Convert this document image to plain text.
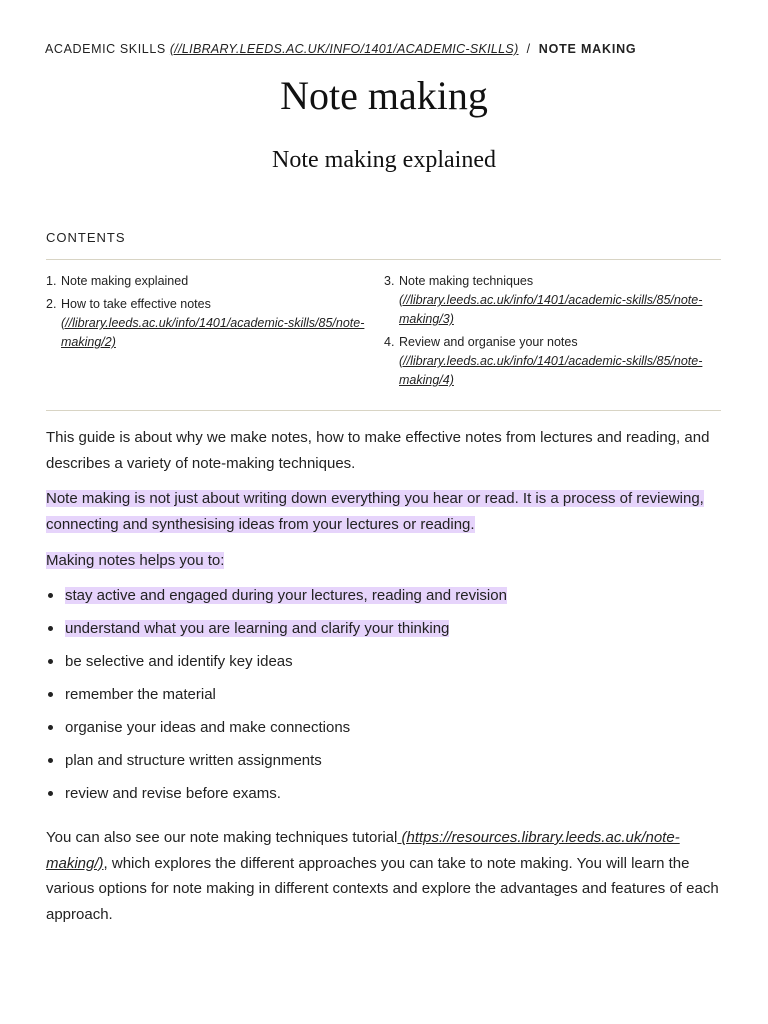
ACADEMIC SKILLS (//LIBRARY.LEEDS.AC.UK/INFO/1401/ACADEMIC-SKILLS) / NOTE MAKING
Note making
Note making explained
CONTENTS
1. Note making explained
2. How to take effective notes
(//library.leeds.ac.uk/info/1401/academic-skills/85/note-making/2)
3. Note making techniques
(//library.leeds.ac.uk/info/1401/academic-skills/85/note-making/3)
4. Review and organise your notes
(//library.leeds.ac.uk/info/1401/academic-skills/85/note-making/4)

This guide is about why we make notes, how to make effective notes from lectures and reading, and describes a variety of note-making techniques.

Note making is not just about writing down everything you hear or read. It is a process of reviewing, connecting and synthesising ideas from your lectures or reading.

Making notes helps you to:

stay active and engaged during your lectures, reading and revision
understand what you are learning and clarify your thinking
be selective and identify key ideas
remember the material
organise your ideas and make connections
plan and structure written assignments
review and revise before exams.

You can also see our note making techniques tutorial (https://resources.library.leeds.ac.uk/note-making/), which explores the different approaches you can take to note making. You will learn the various options for note making in different contexts and explore the advantages and features of each approach.
